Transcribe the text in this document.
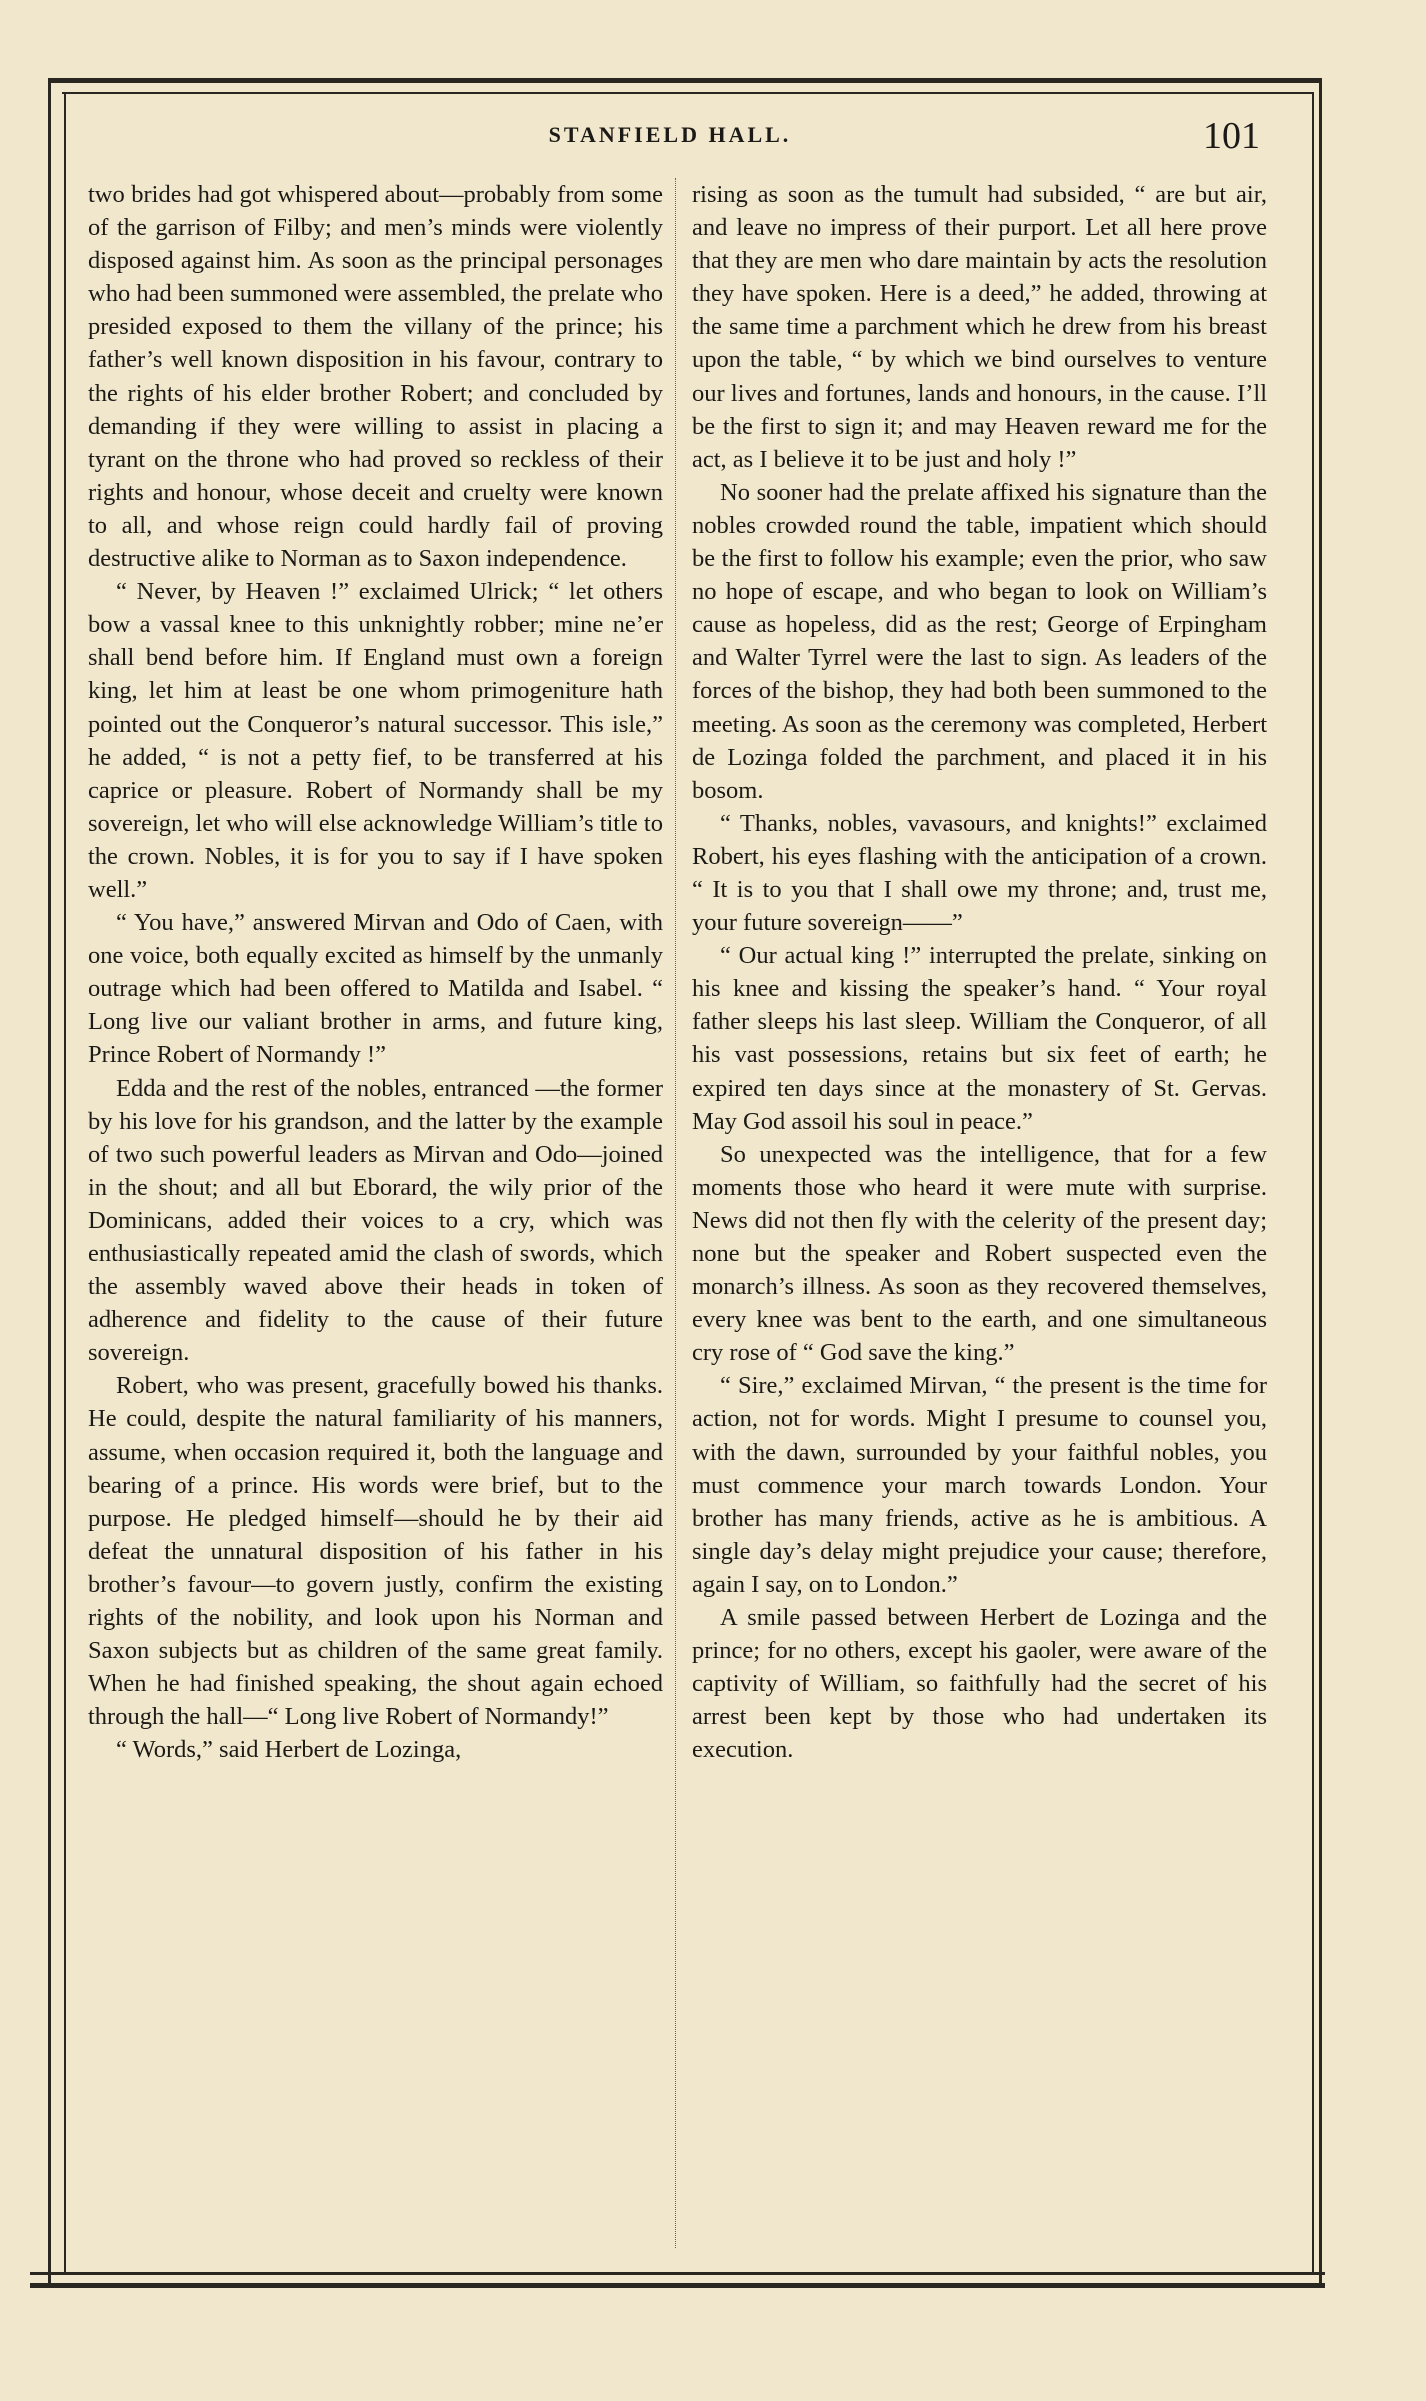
STANFIELD HALL.	101

two brides had got whispered about—probably from some of the garrison of Filby; and men’s minds were violently disposed against him. As soon as the principal personages who had been summoned were assembled, the prelate who presided exposed to them the villany of the prince; his father’s well known disposition in his favour, contrary to the rights of his elder brother Robert; and concluded by demanding if they were willing to assist in placing a tyrant on the throne who had proved so reckless of their rights and honour, whose deceit and cruelty were known to all, and whose reign could hardly fail of proving destructive alike to Norman as to Saxon independence.

“ Never, by Heaven !” exclaimed Ulrick; “ let others bow a vassal knee to this unknightly robber; mine ne’er shall bend before him. If England must own a foreign king, let him at least be one whom primogeniture hath pointed out the Conqueror’s natural successor. This isle,” he added, “ is not a petty fief, to be transferred at his caprice or pleasure. Robert of Normandy shall be my sovereign, let who will else acknowledge William’s title to the crown. Nobles, it is for you to say if I have spoken well.”

“ You have,” answered Mirvan and Odo of Caen, with one voice, both equally excited as himself by the unmanly outrage which had been offered to Matilda and Isabel. “ Long live our valiant brother in arms, and future king, Prince Robert of Normandy !”

Edda and the rest of the nobles, entranced —the former by his love for his grandson, and the latter by the example of two such powerful leaders as Mirvan and Odo—joined in the shout; and all but Eborard, the wily prior of the Dominicans, added their voices to a cry, which was enthusiastically repeated amid the clash of swords, which the assembly waved above their heads in token of adherence and fidelity to the cause of their future sovereign.

Robert, who was present, gracefully bowed his thanks. He could, despite the natural familiarity of his manners, assume, when occasion required it, both the language and bearing of a prince. His words were brief, but to the purpose. He pledged himself—should he by their aid defeat the unnatural disposition of his father in his brother’s favour—to govern justly, confirm the existing rights of the nobility, and look upon his Norman and Saxon subjects but as children of the same great family. When he had finished speaking, the shout again echoed through the hall—“ Long live Robert of Normandy!”

“ Words,” said Herbert de Lozinga,

rising as soon as the tumult had subsided, “ are but air, and leave no impress of their purport. Let all here prove that they are men who dare maintain by acts the resolution they have spoken. Here is a deed,” he added, throwing at the same time a parchment which he drew from his breast upon the table, “ by which we bind ourselves to venture our lives and fortunes, lands and honours, in the cause. I’ll be the first to sign it; and may Heaven reward me for the act, as I believe it to be just and holy !”

No sooner had the prelate affixed his signature than the nobles crowded round the table, impatient which should be the first to follow his example; even the prior, who saw no hope of escape, and who began to look on William’s cause as hopeless, did as the rest; George of Erpingham and Walter Tyrrel were the last to sign. As leaders of the forces of the bishop, they had both been summoned to the meeting. As soon as the ceremony was completed, Herbert de Lozinga folded the parchment, and placed it in his bosom.

“ Thanks, nobles, vavasours, and knights!” exclaimed Robert, his eyes flashing with the anticipation of a crown. “ It is to you that I shall owe my throne; and, trust me, your future sovereign——”

“ Our actual king !” interrupted the prelate, sinking on his knee and kissing the speaker’s hand. “ Your royal father sleeps his last sleep. William the Conqueror, of all his vast possessions, retains but six feet of earth; he expired ten days since at the monastery of St. Gervas. May God assoil his soul in peace.”

So unexpected was the intelligence, that for a few moments those who heard it were mute with surprise. News did not then fly with the celerity of the present day; none but the speaker and Robert suspected even the monarch’s illness. As soon as they recovered themselves, every knee was bent to the earth, and one simultaneous cry rose of “ God save the king.”

“ Sire,” exclaimed Mirvan, “ the present is the time for action, not for words. Might I presume to counsel you, with the dawn, surrounded by your faithful nobles, you must commence your march towards London. Your brother has many friends, active as he is ambitious. A single day’s delay might prejudice your cause; therefore, again I say, on to London.”

A smile passed between Herbert de Lozinga and the prince; for no others, except his gaoler, were aware of the captivity of William, so faithfully had the secret of his arrest been kept by those who had undertaken its execution.
